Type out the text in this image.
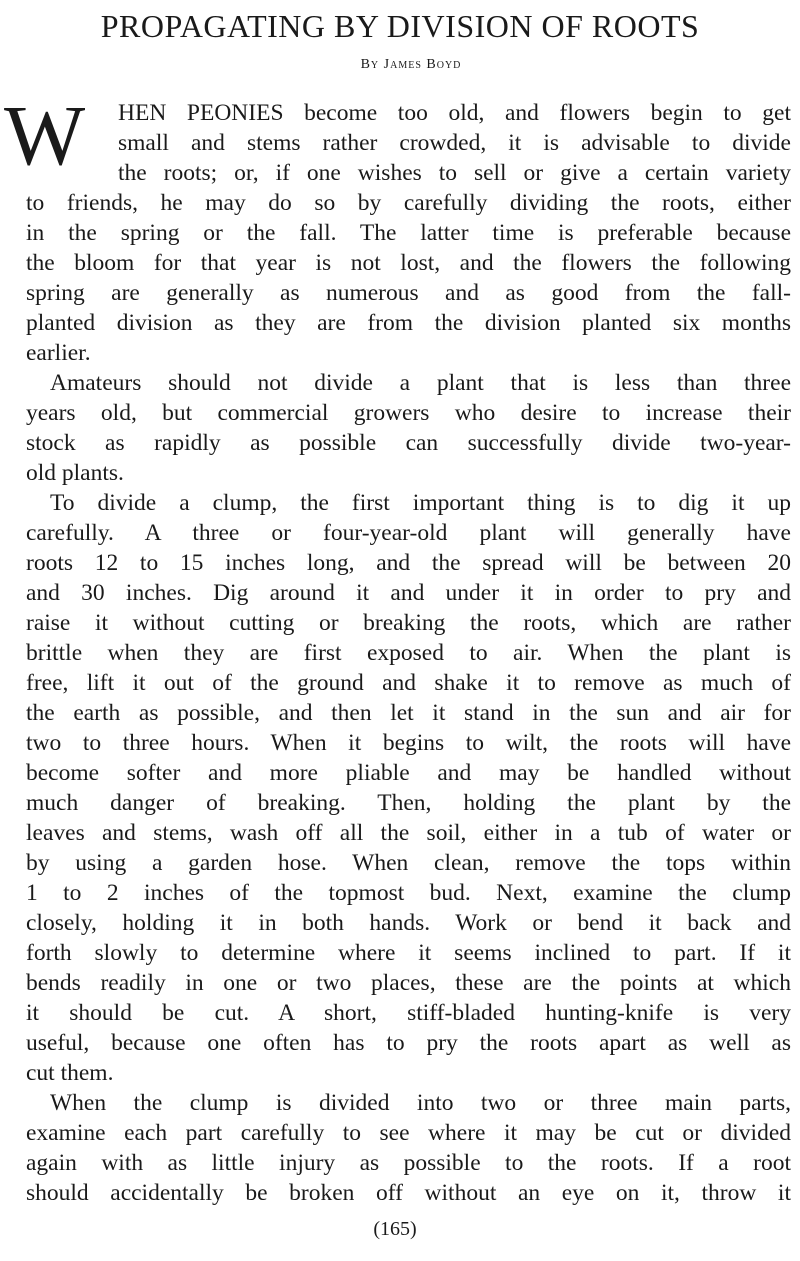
PROPAGATING BY DIVISION OF ROOTS
By James Boyd
W	HEN PEONIES become too old, and flowers begin to get
small and stems rather crowded, it is advisable to divide
the roots; or, if one wishes to sell or give a certain variety
to friends, he may do so by carefully dividing the roots, either
in the spring or the fall. The latter time is preferable because
the bloom for that year is not lost, and the flowers the following
spring are generally as numerous and as good from the fall-
planted division as they are from the division planted six months
earlier.
Amateurs should not divide a plant that is less than three
years old, but commercial growers who desire to increase their
stock as rapidly as possible can successfully divide two-year-
old plants.
To divide a clump, the first important thing is to dig it up
carefully. A three or four-year-old plant will generally have
roots 12 to 15 inches long, and the spread will be between 20
and 30 inches. Dig around it and under it in order to pry and
raise it without cutting or breaking the roots, which are rather
brittle when they are first exposed to air. When the plant is
free, lift it out of the ground and shake it to remove as much of
the earth as possible, and then let it stand in the sun and air for
two to three hours. When it begins to wilt, the roots will have
become softer and more pliable and may be handled without
much danger of breaking. Then, holding the plant by the
leaves and stems, wash off all the soil, either in a tub of water or
by using a garden hose. When clean, remove the tops within
1 to 2 inches of the topmost bud. Next, examine the clump
closely, holding it in both hands. Work or bend it back and
forth slowly to determine where it seems inclined to part. If it
bends readily in one or two places, these are the points at which
it should be cut. A short, stiff-bladed hunting-knife is very
useful, because one often has to pry the roots apart as well as
cut them.
When the clump is divided into two or three main parts,
examine each part carefully to see where it may be cut or divided
again with as little injury as possible to the roots. If a root
should accidentally be broken off without an eye on it, throw it
(165)
